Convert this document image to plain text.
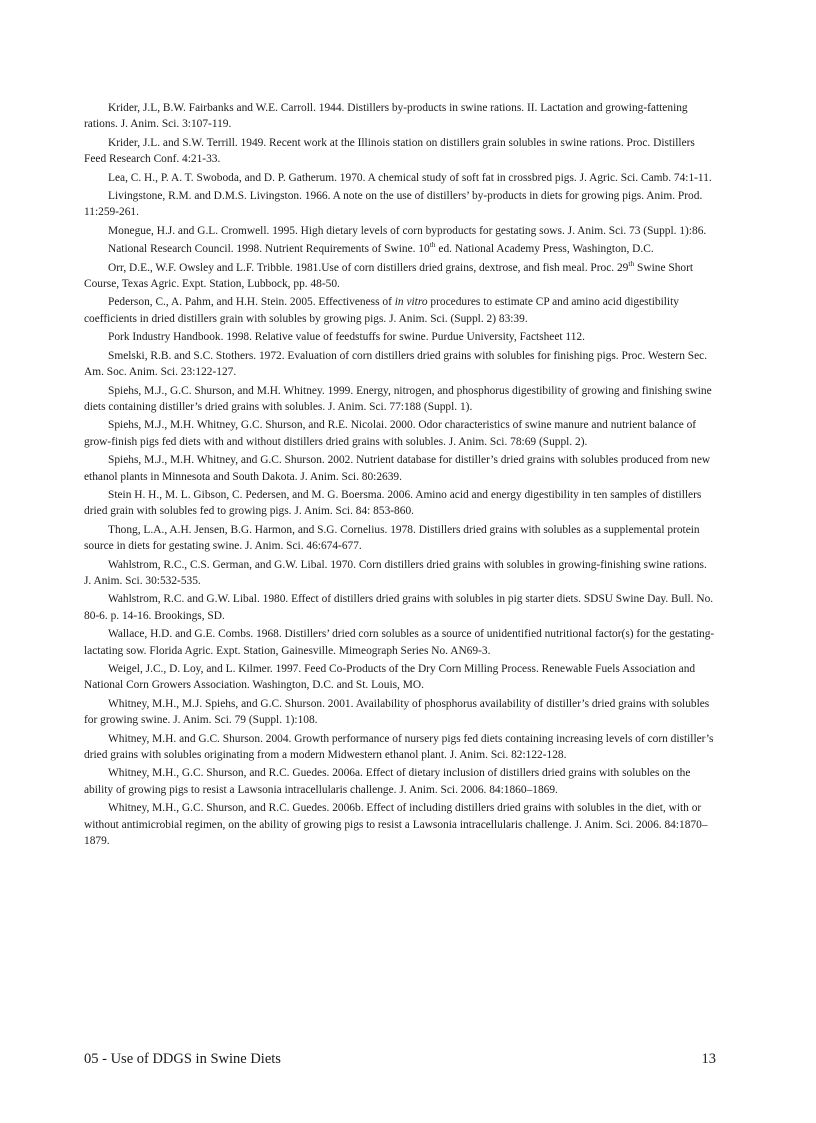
Krider, J.L, B.W. Fairbanks and W.E. Carroll. 1944. Distillers by-products in swine rations. II. Lactation and growing-fattening rations. J. Anim. Sci. 3:107-119.

Krider, J.L. and S.W. Terrill. 1949. Recent work at the Illinois station on distillers grain solubles in swine rations. Proc. Distillers Feed Research Conf. 4:21-33.

Lea, C. H., P. A. T. Swoboda, and D. P. Gatherum. 1970. A chemical study of soft fat in crossbred pigs. J. Agric. Sci. Camb. 74:1-11.

Livingstone, R.M. and D.M.S. Livingston. 1966. A note on the use of distillers’ by-products in diets for growing pigs. Anim. Prod. 11:259-261.

Monegue, H.J. and G.L. Cromwell. 1995. High dietary levels of corn byproducts for gestating sows. J. Anim. Sci. 73 (Suppl. 1):86.

National Research Council. 1998. Nutrient Requirements of Swine. 10th ed. National Academy Press, Washington, D.C.

Orr, D.E., W.F. Owsley and L.F. Tribble. 1981.Use of corn distillers dried grains, dextrose, and fish meal. Proc. 29th Swine Short Course, Texas Agric. Expt. Station, Lubbock, pp. 48-50.

Pederson, C., A. Pahm, and H.H. Stein. 2005. Effectiveness of in vitro procedures to estimate CP and amino acid digestibility coefficients in dried distillers grain with solubles by growing pigs. J. Anim. Sci. (Suppl. 2) 83:39.

Pork Industry Handbook. 1998. Relative value of feedstuffs for swine. Purdue University, Factsheet 112.

Smelski, R.B. and S.C. Stothers. 1972. Evaluation of corn distillers dried grains with solubles for finishing pigs. Proc. Western Sec. Am. Soc. Anim. Sci. 23:122-127.

Spiehs, M.J., G.C. Shurson, and M.H. Whitney. 1999. Energy, nitrogen, and phosphorus digestibility of growing and finishing swine diets containing distiller’s dried grains with solubles. J. Anim. Sci. 77:188 (Suppl. 1).

Spiehs, M.J., M.H. Whitney, G.C. Shurson, and R.E. Nicolai. 2000. Odor characteristics of swine manure and nutrient balance of grow-finish pigs fed diets with and without distillers dried grains with solubles. J. Anim. Sci. 78:69 (Suppl. 2).

Spiehs, M.J., M.H. Whitney, and G.C. Shurson. 2002. Nutrient database for distiller’s dried grains with solubles produced from new ethanol plants in Minnesota and South Dakota. J. Anim. Sci. 80:2639.

Stein H. H., M. L. Gibson, C. Pedersen, and M. G. Boersma. 2006. Amino acid and energy digestibility in ten samples of distillers dried grain with solubles fed to growing pigs. J. Anim. Sci. 84: 853-860.

Thong, L.A., A.H. Jensen, B.G. Harmon, and S.G. Cornelius. 1978. Distillers dried grains with solubles as a supplemental protein source in diets for gestating swine. J. Anim. Sci. 46:674-677.

Wahlstrom, R.C., C.S. German, and G.W. Libal. 1970. Corn distillers dried grains with solubles in growing-finishing swine rations. J. Anim. Sci. 30:532-535.

Wahlstrom, R.C. and G.W. Libal. 1980. Effect of distillers dried grains with solubles in pig starter diets. SDSU Swine Day. Bull. No. 80-6. p. 14-16. Brookings, SD.

Wallace, H.D. and G.E. Combs. 1968. Distillers’ dried corn solubles as a source of unidentified nutritional factor(s) for the gestating-lactating sow. Florida Agric. Expt. Station, Gainesville. Mimeograph Series No. AN69-3.

Weigel, J.C., D. Loy, and L. Kilmer. 1997. Feed Co-Products of the Dry Corn Milling Process. Renewable Fuels Association and National Corn Growers Association. Washington, D.C. and St. Louis, MO.

Whitney, M.H., M.J. Spiehs, and G.C. Shurson. 2001. Availability of phosphorus availability of distiller’s dried grains with solubles for growing swine. J. Anim. Sci. 79 (Suppl. 1):108.

Whitney, M.H. and G.C. Shurson. 2004. Growth performance of nursery pigs fed diets containing increasing levels of corn distiller’s dried grains with solubles originating from a modern Midwestern ethanol plant. J. Anim. Sci. 82:122-128.

Whitney, M.H., G.C. Shurson, and R.C. Guedes. 2006a. Effect of dietary inclusion of distillers dried grains with solubles on the ability of growing pigs to resist a Lawsonia intracellularis challenge. J. Anim. Sci. 2006. 84:1860–1869.

Whitney, M.H., G.C. Shurson, and R.C. Guedes. 2006b. Effect of including distillers dried grains with solubles in the diet, with or without antimicrobial regimen, on the ability of growing pigs to resist a Lawsonia intracellularis challenge. J. Anim. Sci. 2006. 84:1870–1879.

05 - Use of DDGS in Swine Diets	13
